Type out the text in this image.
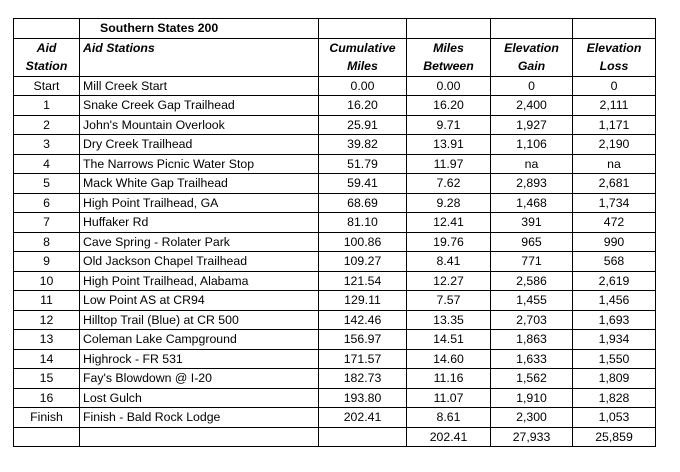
	Southern States 200				
Aid	Aid Stations	Cumulative	Miles	Elevation	Elevation
Station		Miles	Between	Gain	Loss
Start	Mill Creek Start	0.00	0.00	0	0
1	Snake Creek Gap Trailhead	16.20	16.20	2,400	2,111
2	John's Mountain Overlook	25.91	9.71	1,927	1,171
3	Dry Creek Trailhead	39.82	13.91	1,106	2,190
4	The Narrows Picnic Water Stop	51.79	11.97	na	na
5	Mack White Gap Trailhead	59.41	7.62	2,893	2,681
6	High Point Trailhead, GA	68.69	9.28	1,468	1,734
7	Huffaker Rd	81.10	12.41	391	472
8	Cave Spring - Rolater Park	100.86	19.76	965	990
9	Old Jackson Chapel Trailhead	109.27	8.41	771	568
10	High Point Trailhead, Alabama	121.54	12.27	2,586	2,619
11	Low Point AS at CR94	129.11	7.57	1,455	1,456
12	Hilltop Trail (Blue) at CR 500	142.46	13.35	2,703	1,693
13	Coleman Lake Campground	156.97	14.51	1,863	1,934
14	Highrock - FR 531	171.57	14.60	1,633	1,550
15	Fay's Blowdown @ I-20	182.73	11.16	1,562	1,809
16	Lost Gulch	193.80	11.07	1,910	1,828
Finish	Finish - Bald Rock Lodge	202.41	8.61	2,300	1,053
			202.41	27,933	25,859
